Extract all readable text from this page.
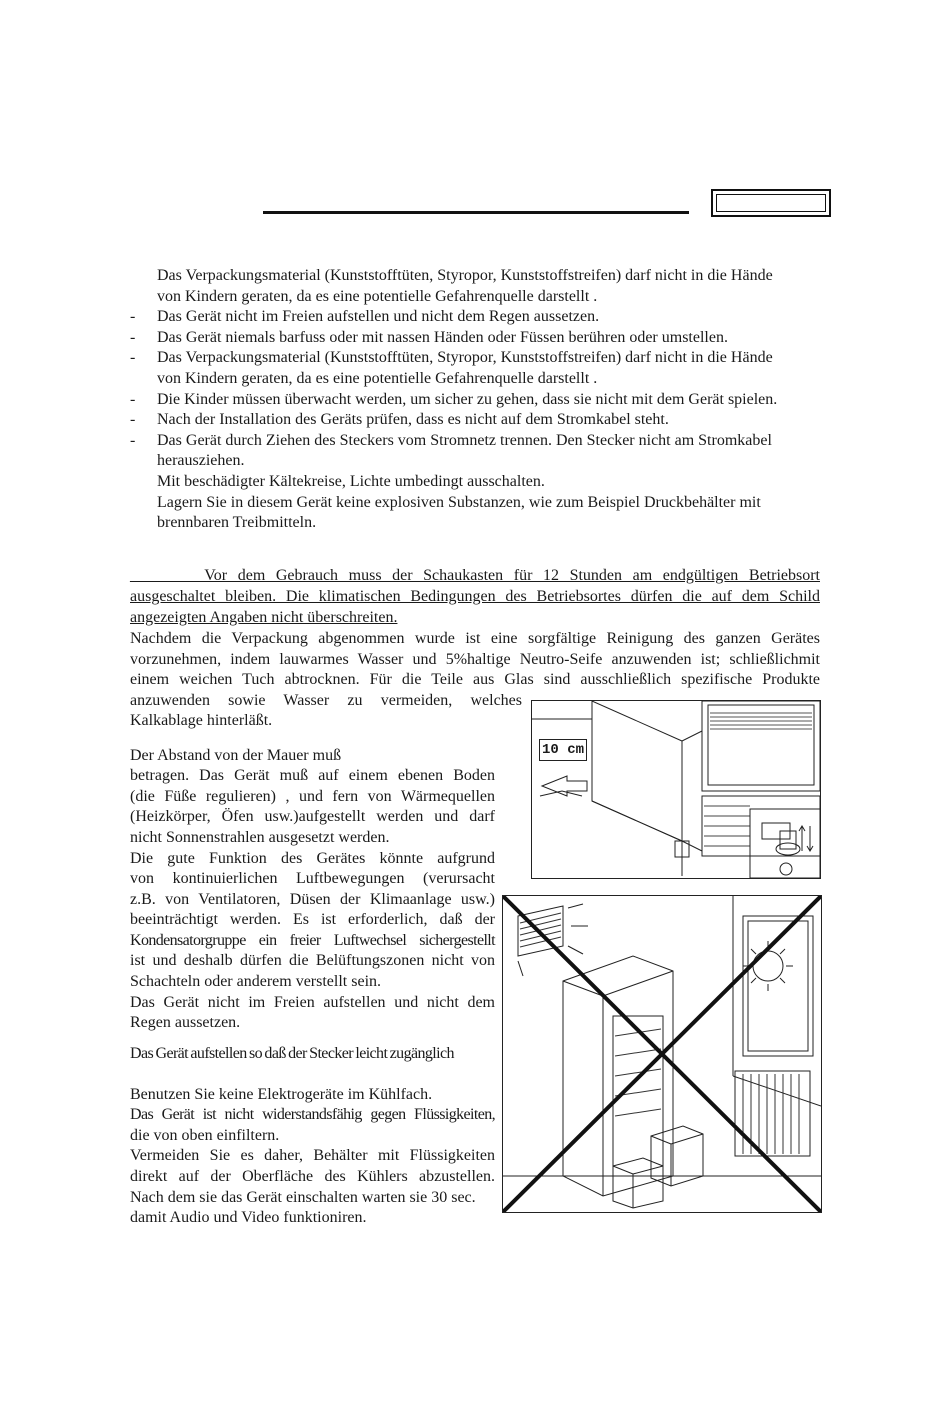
Das Verpackungsmaterial (Kunststofftüten, Styropor, Kunststoffstreifen) darf nicht in die Hände
von Kindern geraten, da es eine potentielle Gefahrenquelle darstellt .
- Das Gerät nicht im Freien aufstellen und nicht dem Regen aussetzen.
- Das Gerät niemals barfuss oder mit nassen Händen oder Füssen berühren oder umstellen.
- Das Verpackungsmaterial (Kunststofftüten, Styropor, Kunststoffstreifen) darf nicht in die Hände
von Kindern geraten, da es eine potentielle Gefahrenquelle darstellt .
- Die Kinder müssen überwacht werden, um sicher zu gehen, dass sie nicht mit dem Gerät spielen.
- Nach der Installation des Geräts prüfen, dass es nicht auf dem Stromkabel steht.
- Das Gerät durch Ziehen des Steckers vom Stromnetz trennen. Den Stecker nicht am Stromkabel
herausziehen.
Mit beschädigter Kältekreise, Lichte umbedingt ausschalten.
Lagern Sie in diesem Gerät keine explosiven Substanzen, wie zum Beispiel Druckbehälter mit
brennbaren Treibmitteln.
________ Vor dem Gebrauch muss der Schaukasten für 12 Stunden am endgültigen Betriebsort
ausgeschaltet bleiben. Die klimatischen Bedingungen des Betriebsortes dürfen die auf dem Schild
angezeigten Angaben nicht überschreiten.
Nachdem die Verpackung abgenommen wurde ist eine sorgfältige Reinigung des ganzen Gerätes
vorzunehmen, indem lauwarmes Wasser und 5%haltige Neutro-Seife anzuwenden ist; schließlichmit
einem weichen Tuch abtrocknen. Für die Teile aus Glas sind ausschließlich spezifische Produkte
anzuwenden sowie Wasser zu vermeiden, welches
Kalkablage hinterläßt.
Der Abstand von der Mauer muß
betragen. Das Gerät muß auf einem ebenen Boden
(die Füße regulieren) , und fern von Wärmequellen
(Heizkörper, Öfen usw.)aufgestellt werden und darf
nicht Sonnenstrahlen ausgesetzt werden.
Die gute Funktion des Gerätes könnte aufgrund
von kontinuierlichen Luftbewegungen (verursacht
z.B. von Ventilatoren, Düsen der Klimaanlage usw.)
beeinträchtigt werden. Es ist erforderlich, daß der
Kondensatorgruppe ein freier Luftwechsel sichergestellt
ist und deshalb dürfen die Belüftungszonen nicht von
Schachteln oder anderem verstellt sein.
Das Gerät nicht im Freien aufstellen und nicht dem
Regen aussetzen.
Das Gerät aufstellen so daß der Stecker leicht zugänglich
Benutzen Sie keine Elektrogeräte im Kühlfach.
Das Gerät ist nicht widerstandsfähig gegen Flüssigkeiten,
die von oben einfiltern.
Vermeiden Sie es daher, Behälter mit Flüssigkeiten
direkt auf der Oberfläche des Kühlers abzustellen.
Nach dem sie das Gerät einschalten warten sie 30 sec.
damit Audio und Video funktioniren.
10 cm
